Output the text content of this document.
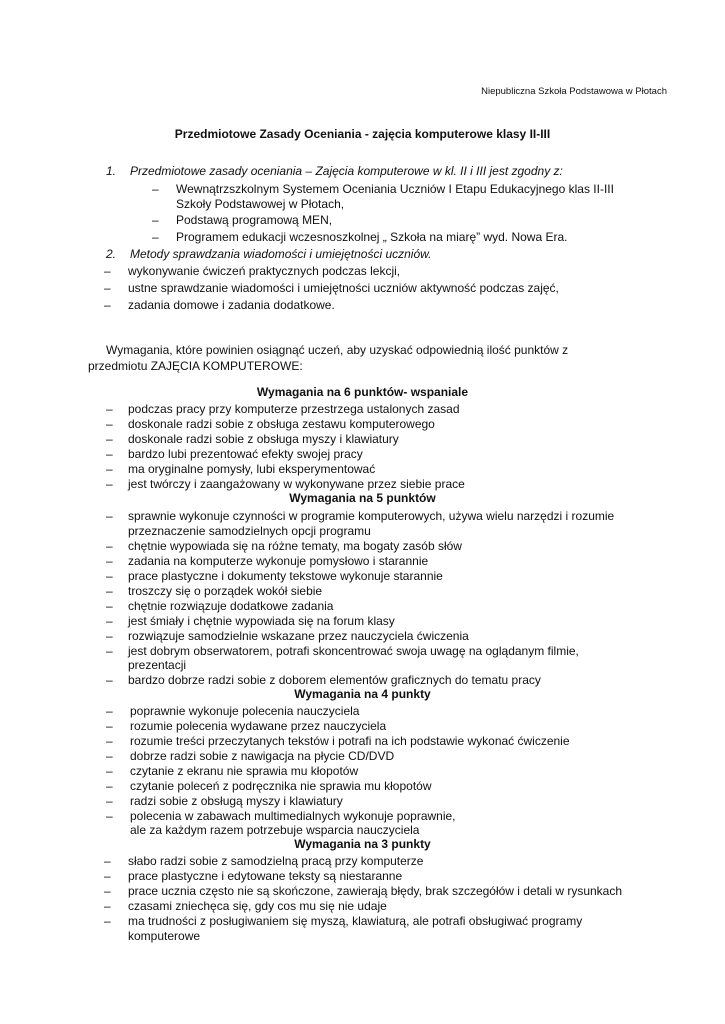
Niepubliczna Szkoła Podstawowa w Płotach
Przedmiotowe Zasady Oceniania - zajęcia komputerowe klasy II-III
1. Przedmiotowe zasady oceniania – Zajęcia komputerowe w kl. II i III jest zgodny z:
– Wewnątrzszkolnym Systemem Oceniania Uczniów I Etapu Edukacyjnego klas II-III
Szkoły Podstawowej w Płotach,
– Podstawą programową MEN,
– Programem edukacji wczesnoszkolnej „ Szkoła na miarę” wyd. Nowa Era.
2. Metody sprawdzania wiadomości i umiejętności uczniów.
– wykonywanie ćwiczeń praktycznych podczas lekcji,
– ustne sprawdzanie wiadomości i umiejętności uczniów aktywność podczas zajęć,
– zadania domowe i zadania dodatkowe.
Wymagania, które powinien osiągnąć uczeń, aby uzyskać odpowiednią ilość punktów z
przedmiotu ZAJĘCIA KOMPUTEROWE:
Wymagania na 6 punktów- wspaniale
– podczas pracy przy komputerze przestrzega ustalonych zasad
– doskonale radzi sobie z obsługa zestawu komputerowego
– doskonale radzi sobie z obsługa myszy i klawiatury
– bardzo lubi prezentować efekty swojej pracy
– ma oryginalne pomysły, lubi eksperymentować
– jest twórczy i zaangażowany w wykonywane przez siebie prace
Wymagania na 5 punktów
– sprawnie wykonuje czynności w programie komputerowych, używa wielu narzędzi i rozumie
przeznaczenie samodzielnych opcji programu
– chętnie wypowiada się na różne tematy, ma bogaty zasób słów
– zadania na komputerze wykonuje pomysłowo i starannie
– prace plastyczne i dokumenty tekstowe wykonuje starannie
– troszczy się o porządek wokół siebie
– chętnie rozwiązuje dodatkowe zadania
– jest śmiały i chętnie wypowiada się na forum klasy
– rozwiązuje samodzielnie wskazane przez nauczyciela ćwiczenia
– jest dobrym obserwatorem, potrafi skoncentrować swoja uwagę na oglądanym filmie,
prezentacji
– bardzo dobrze radzi sobie z doborem elementów graficznych do tematu pracy
Wymagania na 4 punkty
– poprawnie wykonuje polecenia nauczyciela
– rozumie polecenia wydawane przez nauczyciela
– rozumie treści przeczytanych tekstów i potrafi na ich podstawie wykonać ćwiczenie
– dobrze radzi sobie z nawigacja na płycie CD/DVD
– czytanie z ekranu nie sprawia mu kłopotów
– czytanie poleceń z podręcznika nie sprawia mu kłopotów
– radzi sobie z obsługą myszy i klawiatury
– polecenia w zabawach multimedialnych wykonuje poprawnie,
ale za każdym razem potrzebuje wsparcia nauczyciela
Wymagania na 3 punkty
– słabo radzi sobie z samodzielną pracą przy komputerze
– prace plastyczne i edytowane teksty są niestaranne
– prace ucznia często nie są skończone, zawierają błędy, brak szczegółów i detali w rysunkach
– czasami zniechęca się, gdy cos mu się nie udaje
– ma trudności z posługiwaniem się myszą, klawiaturą, ale potrafi obsługiwać programy
komputerowe
